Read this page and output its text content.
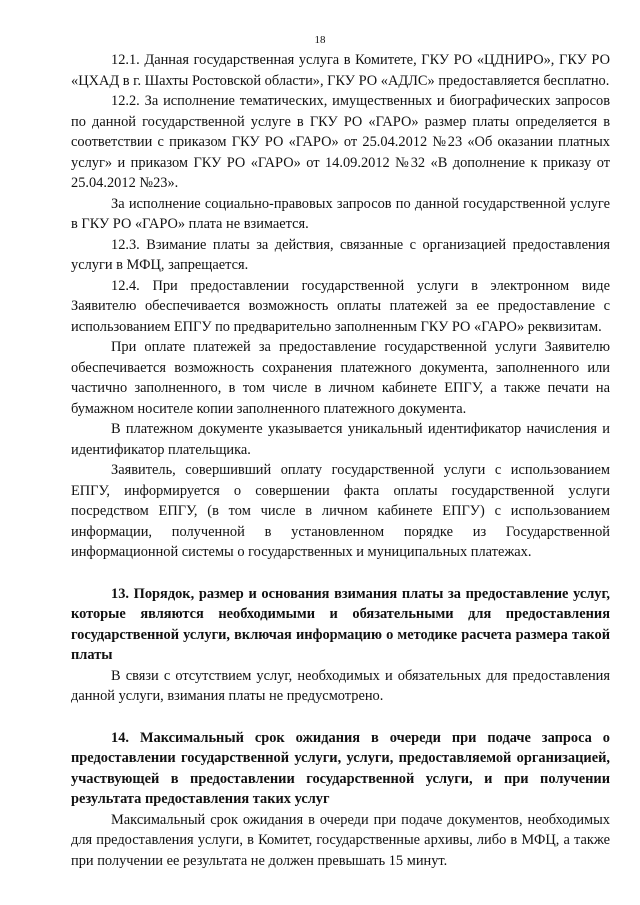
18

12.1. Данная государственная услуга в Комитете, ГКУ РО «ЦДНИРО», ГКУ РО «ЦХАД в г. Шахты Ростовской области», ГКУ РО «АДЛС» предоставляется бесплатно.

12.2. За исполнение тематических, имущественных и биографических запросов по данной государственной услуге в ГКУ РО «ГАРО» размер платы определяется в соответствии с приказом ГКУ РО «ГАРО» от 25.04.2012 №23 «Об оказании платных услуг» и приказом ГКУ РО «ГАРО» от 14.09.2012 №32 «В дополнение к приказу от 25.04.2012 №23».

За исполнение социально-правовых запросов по данной государственной услуге в ГКУ РО «ГАРО» плата не взимается.

12.3. Взимание платы за действия, связанные с организацией предоставления услуги в МФЦ, запрещается.

12.4. При предоставлении государственной услуги в электронном виде Заявителю обеспечивается возможность оплаты платежей за ее предоставление с использованием ЕПГУ по предварительно заполненным ГКУ РО «ГАРО» реквизитам.

При оплате платежей за предоставление государственной услуги Заявителю обеспечивается возможность сохранения платежного документа, заполненного или частично заполненного, в том числе в личном кабинете ЕПГУ, а также печати на бумажном носителе копии заполненного платежного документа.

В платежном документе указывается уникальный идентификатор начисления и идентификатор плательщика.

Заявитель, совершивший оплату государственной услуги с использованием ЕПГУ, информируется о совершении факта оплаты государственной услуги посредством ЕПГУ, (в том числе в личном кабинете ЕПГУ) с использованием информации, полученной в установленном порядке из Государственной информационной системы о государственных и муниципальных платежах.

13. Порядок, размер и основания взимания платы за предоставление услуг, которые являются необходимыми и обязательными для предоставления государственной услуги, включая информацию о методике расчета размера такой платы

В связи с отсутствием услуг, необходимых и обязательных для предоставления данной услуги, взимания платы не предусмотрено.

14. Максимальный срок ожидания в очереди при подаче запроса о предоставлении государственной услуги, услуги, предоставляемой организацией, участвующей в предоставлении государственной услуги, и при получении результата предоставления таких услуг

Максимальный срок ожидания в очереди при подаче документов, необходимых для предоставления услуги, в Комитет, государственные архивы, либо в МФЦ, а также при получении ее результата не должен превышать 15 минут.
